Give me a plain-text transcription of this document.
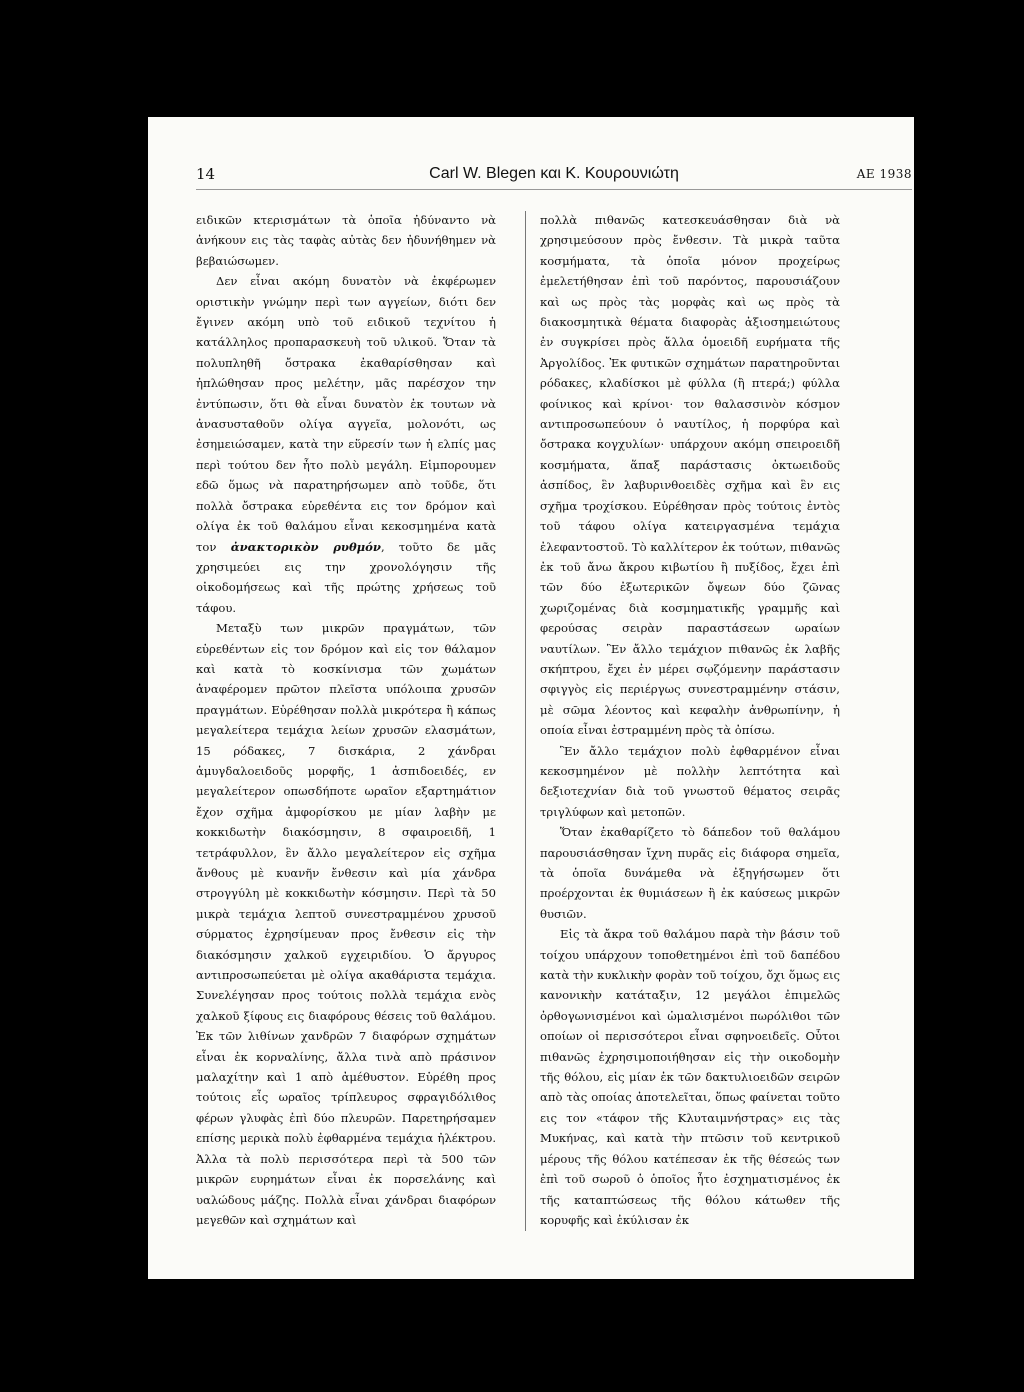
14	Carl W. Blegen και Κ. Κουρουνιώτη	ΑΕ 1938

ειδικῶν κτερισμάτων τὰ ὁποῖα ἠδύναντο νὰ ἀνήκουν εις τὰς ταφὰς αὐτὰς δεν ἠδυνήθημεν νὰ βεβαιώσωμεν.

Δεν εἶναι ακόμη δυνατὸν νὰ ἐκφέρωμεν οριστικὴν γνώμην περὶ των αγγείων, διότι δεν ἔγινεν ακόμη υπὸ τοῦ ειδικοῦ τεχνίτου ἡ κατάλληλος προπαρασκευὴ τοῦ υλικοῦ. Ὅταν τὰ πολυπληθῆ ὄστρακα ἐκαθαρίσθησαν καὶ ἠπλώθησαν προς μελέτην, μᾶς παρέσχον την ἐντύπωσιν, ὅτι θὰ εἶναι δυνατὸν ἐκ τουτων νὰ ἀνασυσταθοῦν ολίγα αγγεῖα, μολονότι, ως ἐσημειώσαμεν, κατὰ την εὕρεσίν των ἡ ελπίς μας περὶ τούτου δεν ἦτο πολὺ μεγάλη. Εἰμπορουμεν εδῶ ὅμως νὰ παρατηρήσωμεν απὸ τοῦδε, ὅτι πολλὰ ὄστρακα εὑρεθέντα εις τον δρόμον καὶ ολίγα ἐκ τοῦ θαλάμου εἶναι κεκοσμημένα κατὰ τον ἀνακτορικὸν ρυθμόν, τοῦτο δε μᾶς χρησιμεύει εις την χρονολόγησιν τῆς οἰκοδομήσεως καὶ τῆς πρώτης χρήσεως τοῦ τάφου.

Μεταξὺ των μικρῶν πραγμάτων, τῶν εὑρεθέντων εἰς τον δρόμον καὶ εἰς τον θάλαμον καὶ κατὰ τὸ κοσκίνισμα τῶν χωμάτων ἀναφέρομεν πρῶτον πλεῖστα υπόλοιπα χρυσῶν πραγμάτων. Εὑρέθησαν πολλὰ μικρότερα ἢ κάπως μεγαλείτερα τεμάχια λείων χρυσῶν ελασμάτων, 15 ρόδακες, 7 δισκάρια, 2 χάνδραι ἀμυγδαλοειδοῦς μορφῆς, 1 ἀσπιδοειδές, εν μεγαλείτερον οπωσδήποτε ωραῖον εξαρτημάτιον ἔχον σχῆμα ἀμφορίσκου με μίαν λαβὴν με κοκκιδωτὴν διακόσμησιν, 8 σφαιροειδῆ, 1 τετράφυλλον, ἓν ἄλλο μεγαλείτερον εἰς σχῆμα ἄνθους μὲ κυανῆν ἔνθεσιν καὶ μία χάνδρα στρογγύλη μὲ κοκκιδωτὴν κόσμησιν. Περὶ τὰ 50 μικρὰ τεμάχια λεπτοῦ συνεστραμμένου χρυσοῦ σύρματος ἐχρησίμευαν προς ἔνθεσιν εἰς τὴν διακόσμησιν χαλκοῦ εγχειριδίου. Ὁ ἄργυρος αντιπροσωπεύεται μὲ ολίγα ακαθάριστα τεμάχια. Συνελέγησαν προς τούτοις πολλὰ τεμάχια ενὸς χαλκοῦ ξίφους εις διαφόρους θέσεις τοῦ θαλάμου. Ἐκ τῶν λιθίνων χανδρῶν 7 διαφόρων σχημάτων εἶναι ἐκ κορναλίνης, ἄλλα τινὰ απὸ πράσινον μαλαχίτην καὶ 1 απὸ ἀμέθυστον. Εὑρέθη προς τούτοις εἷς ωραῖος τρίπλευρος σφραγιδόλιθος φέρων γλυφὰς ἐπὶ δύο πλευρῶν. Παρετηρήσαμεν επίσης μερικὰ πολὺ ἐφθαρμένα τεμάχια ἠλέκτρου. Ἀλλα τὰ πολὺ περισσότερα περὶ τὰ 500 τῶν μικρῶν ευρημάτων εἶναι ἐκ πορσελάνης καὶ υαλώδους μάζης. Πολλὰ εἶναι χάνδραι διαφόρων μεγεθῶν καὶ σχημάτων καὶ

πολλὰ πιθανῶς κατεσκευάσθησαν διὰ νὰ χρησιμεύσουν πρὸς ἔνθεσιν. Τὰ μικρὰ ταῦτα κοσμήματα, τὰ ὁποῖα μόνον προχείρως ἐμελετήθησαν ἐπὶ τοῦ παρόντος, παρουσιάζουν καὶ ως πρὸς τὰς μορφὰς καὶ ως πρὸς τὰ διακοσμητικὰ θέματα διαφορὰς ἀξιοσημειώτους ἐν συγκρίσει πρὸς ἄλλα ὁμοειδῆ ευρήματα τῆς Ἀργολίδος. Ἐκ φυτικῶν σχημάτων παρατηροῦνται ρόδακες, κλαδίσκοι μὲ φύλλα (ἢ πτερά;) φύλλα φοίνικος καὶ κρίνοι· τον θαλασσινὸν κόσμον αντιπροσωπεύουν ὁ ναυτίλος, ἡ πορφύρα καὶ ὄστρακα κογχυλίων· υπάρχουν ακόμη σπειροειδῆ κοσμήματα, ἅπαξ παράστασις ὀκτωειδοῦς ἀσπίδος, ἓν λαβυρινθοειδὲς σχῆμα καὶ ἓν εις σχῆμα τροχίσκου. Εὑρέθησαν πρὸς τούτοις ἐντὸς τοῦ τάφου ολίγα κατειργασμένα τεμάχια ἐλεφαντοστοῦ. Τὸ καλλίτερον ἐκ τούτων, πιθανῶς ἐκ τοῦ ἄνω ἄκρου κιβωτίου ἢ πυξίδος, ἔχει ἐπὶ τῶν δύο ἐξωτερικῶν ὄψεων δύο ζῶνας χωριζομένας διὰ κοσμηματικῆς γραμμῆς καὶ φερούσας σειρὰν παραστάσεων ωραίων ναυτίλων. Ἓν ἄλλο τεμάχιον πιθανῶς ἐκ λαβῆς σκήπτρου, ἔχει ἐν μέρει σῳζόμενην παράστασιν σφιγγὸς εἰς περιέργως συνεστραμμένην στάσιν, μὲ σῶμα λέοντος καὶ κεφαλὴν ἀνθρωπίνην, ἡ οποία εἶναι ἐστραμμένη πρὸς τὰ ὀπίσω.

Ἓν ἄλλο τεμάχιον πολὺ ἐφθαρμένον εἶναι κεκοσμημένον μὲ πολλὴν λεπτότητα καὶ δεξιοτεχνίαν διὰ τοῦ γνωστοῦ θέματος σειρᾶς τριγλύφων καὶ μετοπῶν.

Ὅταν ἐκαθαρίζετο τὸ δάπεδον τοῦ θαλάμου παρουσιάσθησαν ἴχνη πυρᾶς εἰς διάφορα σημεῖα, τὰ ὁποῖα δυνάμεθα νὰ ἐξηγήσωμεν ὅτι προέρχονται ἐκ θυμιάσεων ἢ ἐκ καύσεως μικρῶν θυσιῶν.

Εἰς τὰ ἄκρα τοῦ θαλάμου παρὰ τὴν βάσιν τοῦ τοίχου υπάρχουν τοποθετημένοι ἐπὶ τοῦ δαπέδου κατὰ τὴν κυκλικὴν φορὰν τοῦ τοίχου, ὄχι ὅμως εις κανονικὴν κατάταξιν, 12 μεγάλοι ἐπιμελῶς ὀρθογωνισμένοι καὶ ὡμαλισμένοι πωρόλιθοι τῶν οποίων οἱ περισσότεροι εἶναι σφηνοειδεῖς. Οὗτοι πιθανῶς ἐχρησιμοποιήθησαν εἰς τὴν οικοδομὴν τῆς θόλου, εἰς μίαν ἐκ τῶν δακτυλιοειδῶν σειρῶν απὸ τὰς οποίας ἀποτελεῖται, ὅπως φαίνεται τοῦτο εις τον «τάφον τῆς Κλυταιμνήστρας» εις τὰς Μυκήνας, καὶ κατὰ τὴν πτῶσιν τοῦ κεντρικοῦ μέρους τῆς θόλου κατέπεσαν ἐκ τῆς θέσεώς των ἐπὶ τοῦ σωροῦ ὁ ὁποῖος ἦτο ἐσχηματισμένος ἐκ τῆς καταπτώσεως τῆς θόλου κάτωθεν τῆς κορυφῆς καὶ ἐκύλισαν ἐκ
